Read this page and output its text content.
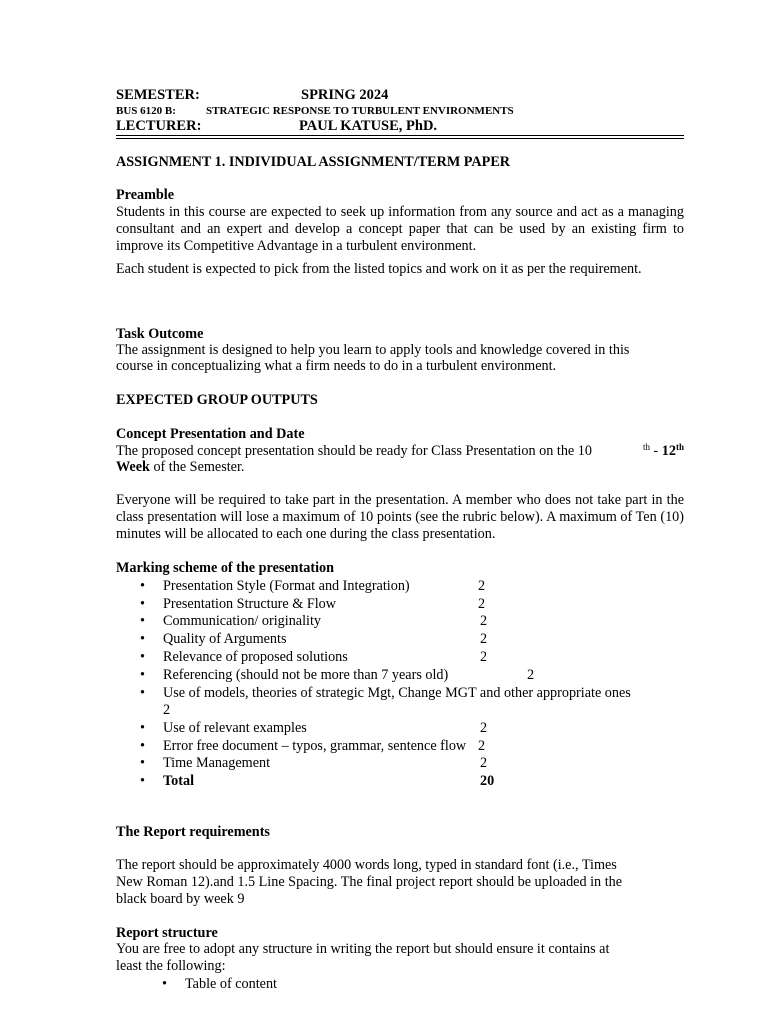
SEMESTER:	SPRING 2024
BUS 6120 B:	STRATEGIC RESPONSE TO TURBULENT ENVIRONMENTS
LECTURER:	PAUL KATUSE, PhD.
ASSIGNMENT 1. INDIVIDUAL ASSIGNMENT/TERM PAPER
Preamble
Students in this course are expected to seek up information from any source and act as a managing consultant and an expert and develop a concept paper that can be used by an existing firm to improve its Competitive Advantage in a turbulent environment.
Each student is expected to pick from the listed topics and work on it as per the requirement.
Task Outcome
The assignment is designed to help you learn to apply tools and knowledge covered in this
course in conceptualizing what a firm needs to do in a turbulent environment.
EXPECTED GROUP OUTPUTS
Concept Presentation and Date
The proposed concept presentation should be ready for Class Presentation on the 10	$^{th}$ - 12th
Week of the Semester.
Everyone will be required to take part in the presentation. A member who does not take part in the class presentation will lose a maximum of 10 points (see the rubric below). A maximum of Ten (10) minutes will be allocated to each one during the class presentation.
Marking scheme of the presentation
• Presentation Style (Format and Integration)	2
• Presentation Structure & Flow	2
• Communication/ originality	2
• Quality of Arguments	2
• Relevance of proposed solutions	2
• Referencing (should not be more than 7 years old)	2
• Use of models, theories of strategic Mgt, Change MGT and other appropriate ones
2
• Use of relevant examples	2
• Error free document – typos, grammar, sentence flow 2
• Time Management	2
• Total	20
The Report requirements
The report should be approximately 4000 words long, typed in standard font (i.e., Times
New Roman 12).and 1.5 Line Spacing. The final project report should be uploaded in the
black board by week 9
Report structure
You are free to adopt any structure in writing the report but should ensure it contains at
least the following:
• Table of content
